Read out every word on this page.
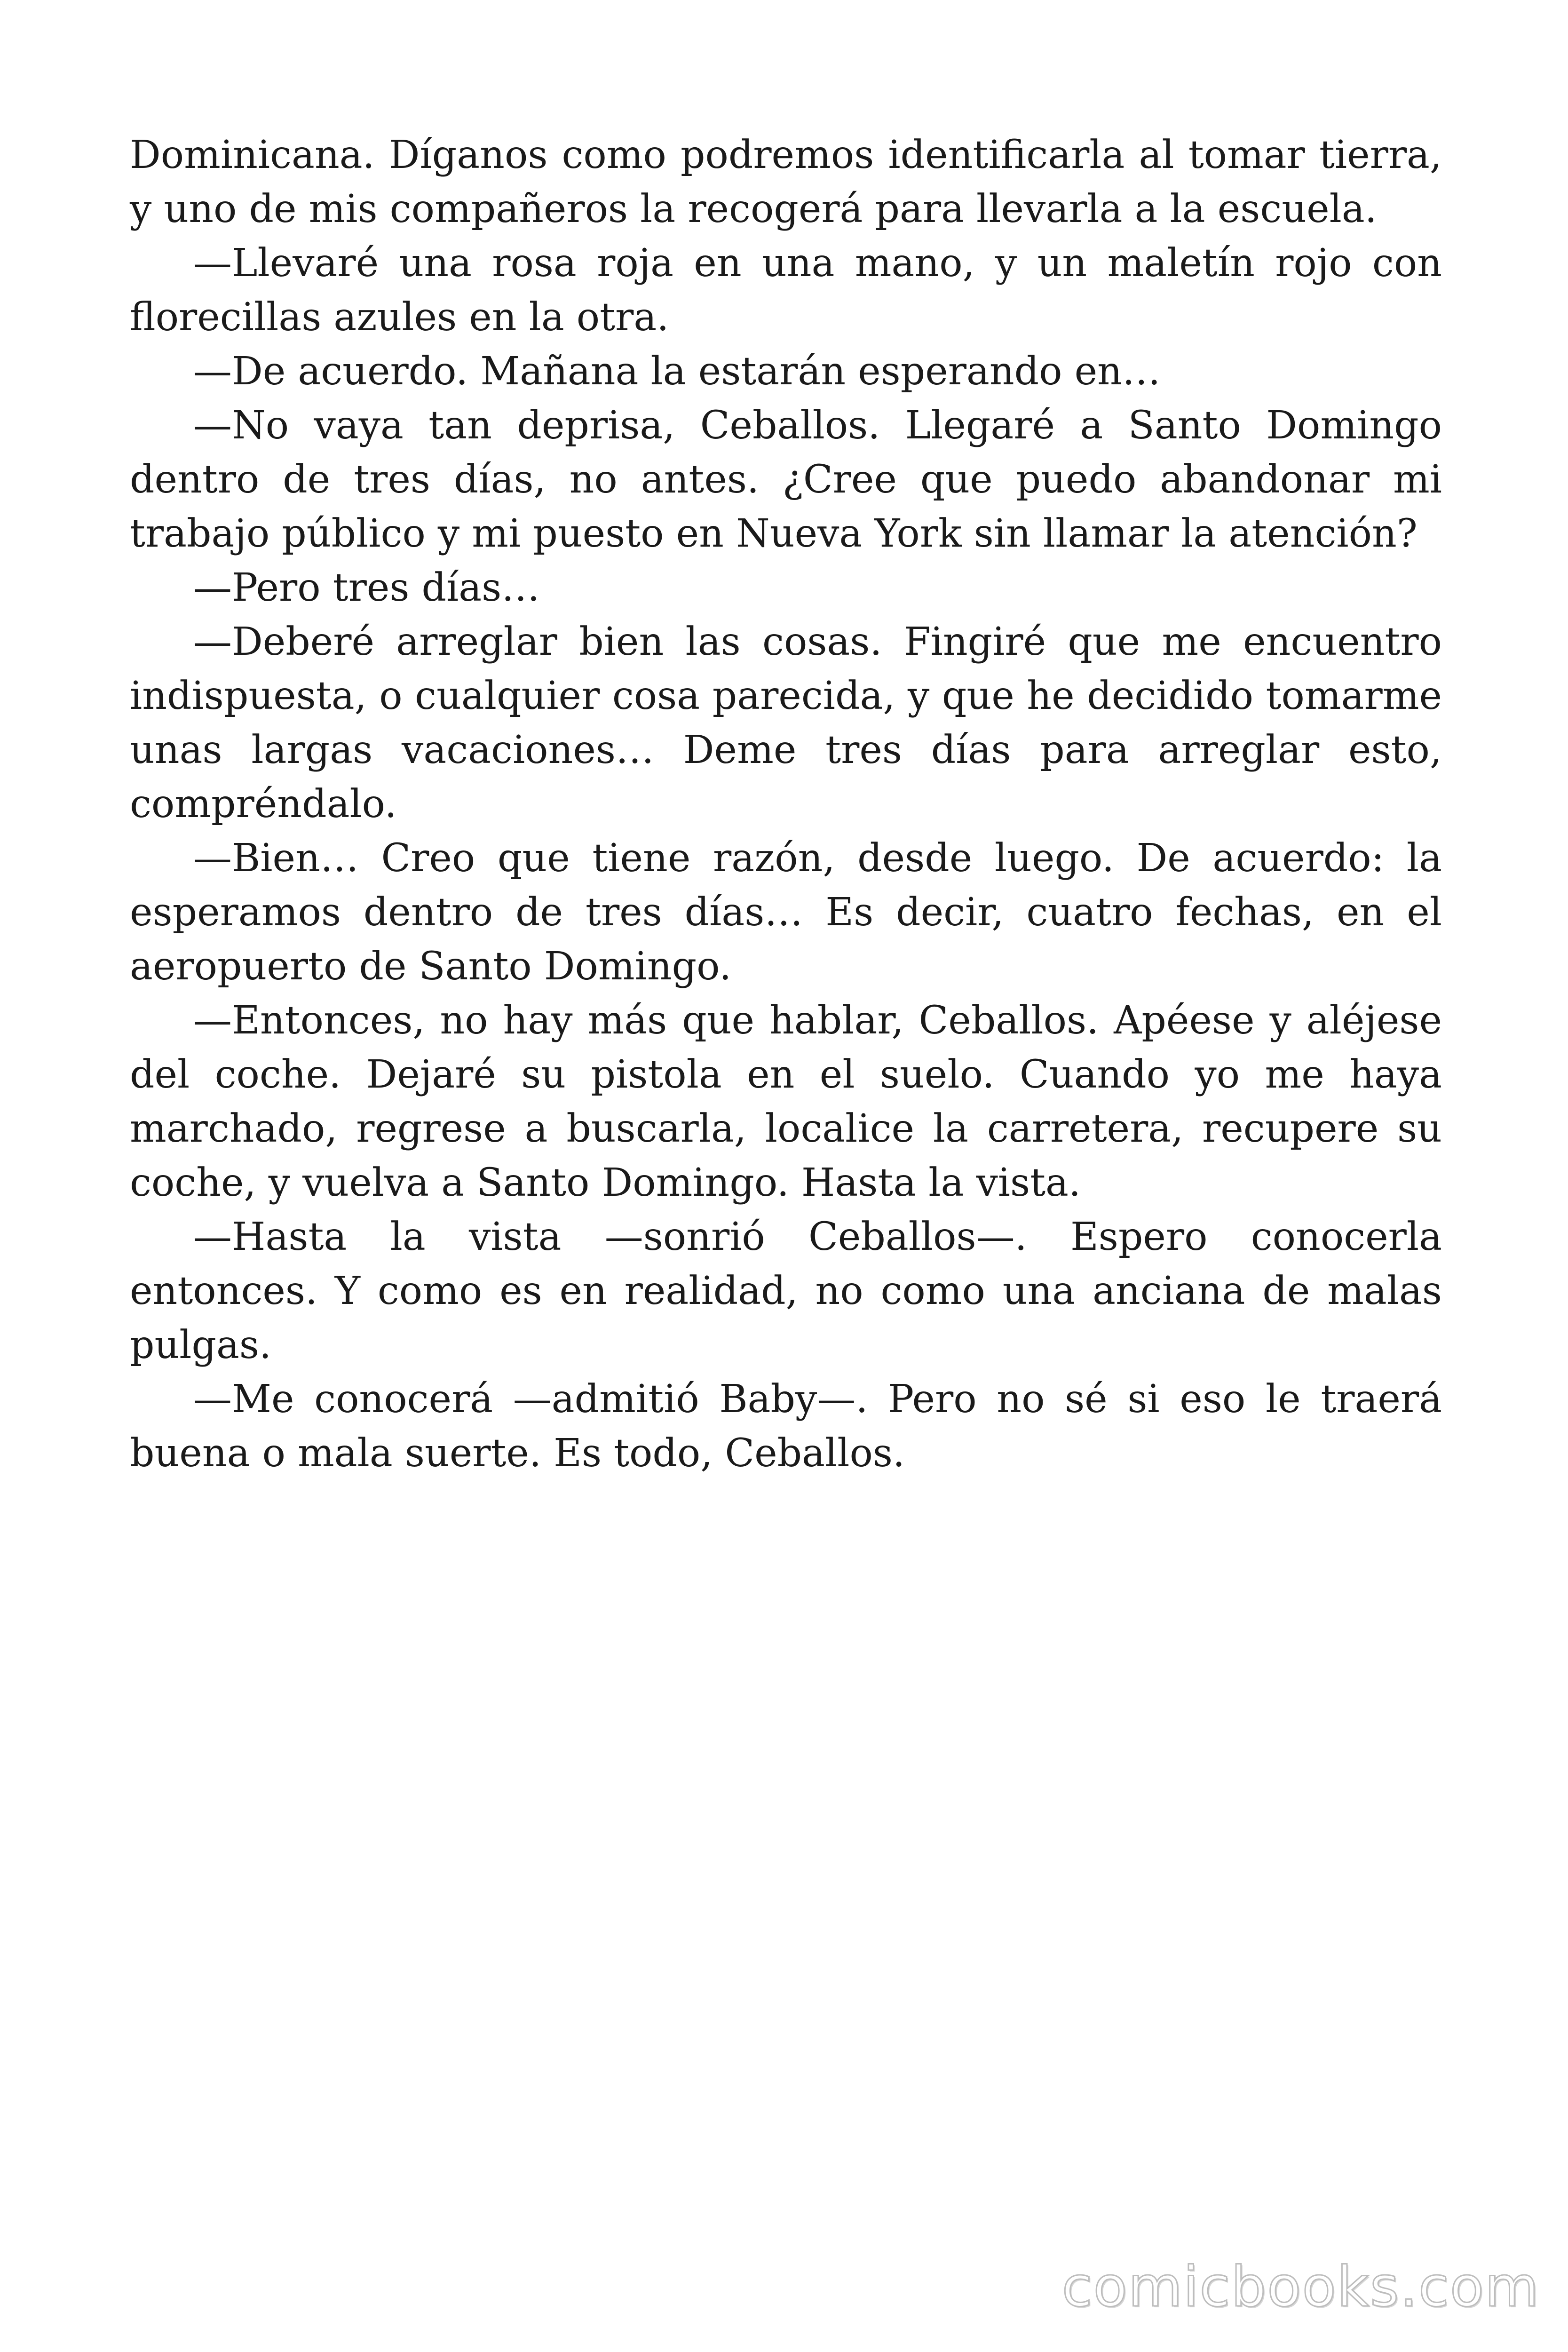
Dominicana. Díganos como podremos identificarla al tomar tierra, y uno de mis compañeros la recogerá para llevarla a la escuela.

—Llevaré una rosa roja en una mano, y un maletín rojo con florecillas azules en la otra.

—De acuerdo. Mañana la estarán esperando en…

—No vaya tan deprisa, Ceballos. Llegaré a Santo Domingo dentro de tres días, no antes. ¿Cree que puedo abandonar mi trabajo público y mi puesto en Nueva York sin llamar la atención?

—Pero tres días…

—Deberé arreglar bien las cosas. Fingiré que me encuentro indispuesta, o cualquier cosa parecida, y que he decidido tomarme unas largas vacaciones… Deme tres días para arreglar esto, compréndalo.

—Bien… Creo que tiene razón, desde luego. De acuerdo: la esperamos dentro de tres días… Es decir, cuatro fechas, en el aeropuerto de Santo Domingo.

—Entonces, no hay más que hablar, Ceballos. Apéese y aléjese del coche. Dejaré su pistola en el suelo. Cuando yo me haya marchado, regrese a buscarla, localice la carretera, recupere su coche, y vuelva a Santo Domingo. Hasta la vista.

—Hasta la vista —sonrió Ceballos—. Espero conocerla entonces. Y como es en realidad, no como una anciana de malas pulgas.

—Me conocerá —admitió Baby—. Pero no sé si eso le traerá buena o mala suerte. Es todo, Ceballos.

comicbooks.com
